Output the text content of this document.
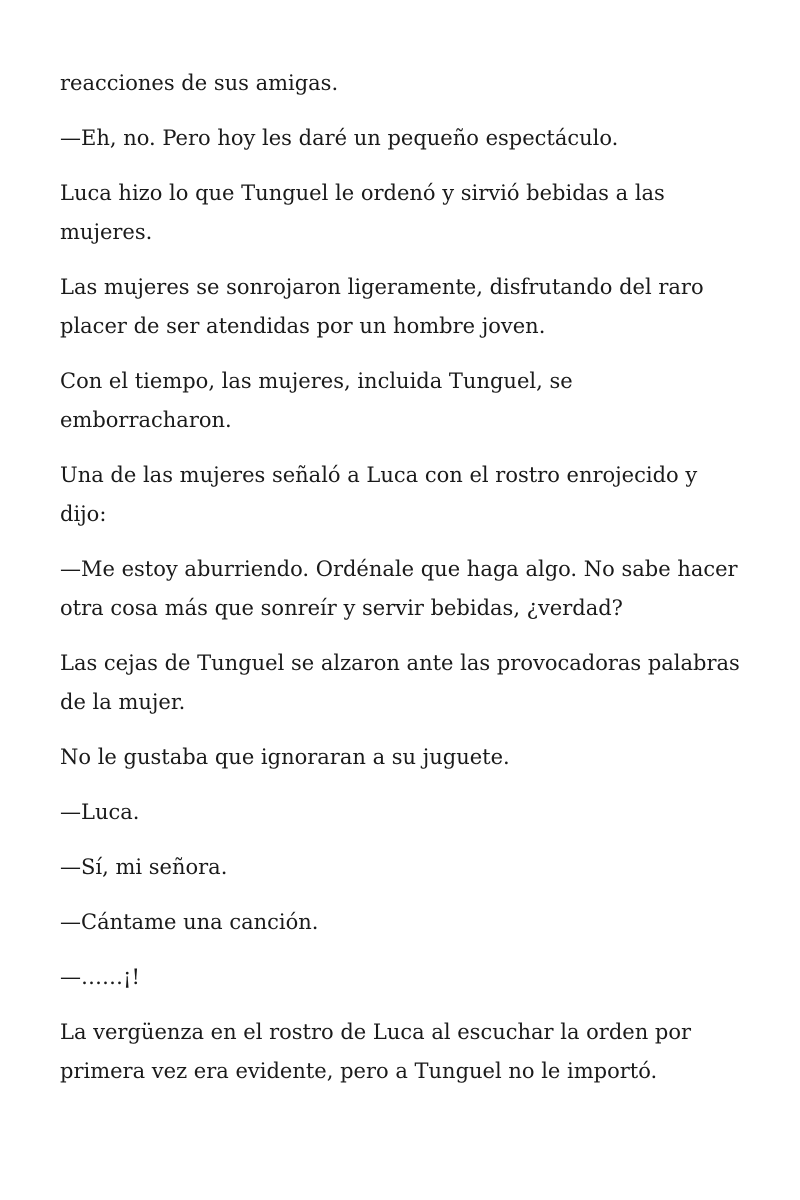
reacciones de sus amigas.

—Eh, no. Pero hoy les daré un pequeño espectáculo.

Luca hizo lo que Tunguel le ordenó y sirvió bebidas a las mujeres.

Las mujeres se sonrojaron ligeramente, disfrutando del raro placer de ser atendidas por un hombre joven.

Con el tiempo, las mujeres, incluida Tunguel, se emborracharon.

Una de las mujeres señaló a Luca con el rostro enrojecido y dijo:

—Me estoy aburriendo. Ordénale que haga algo. No sabe hacer otra cosa más que sonreír y servir bebidas, ¿verdad?

Las cejas de Tunguel se alzaron ante las provocadoras palabras de la mujer.

No le gustaba que ignoraran a su juguete.

—Luca.

—Sí, mi señora.

—Cántame una canción.

—……¡!

La vergüenza en el rostro de Luca al escuchar la orden por primera vez era evidente, pero a Tunguel no le importó.
